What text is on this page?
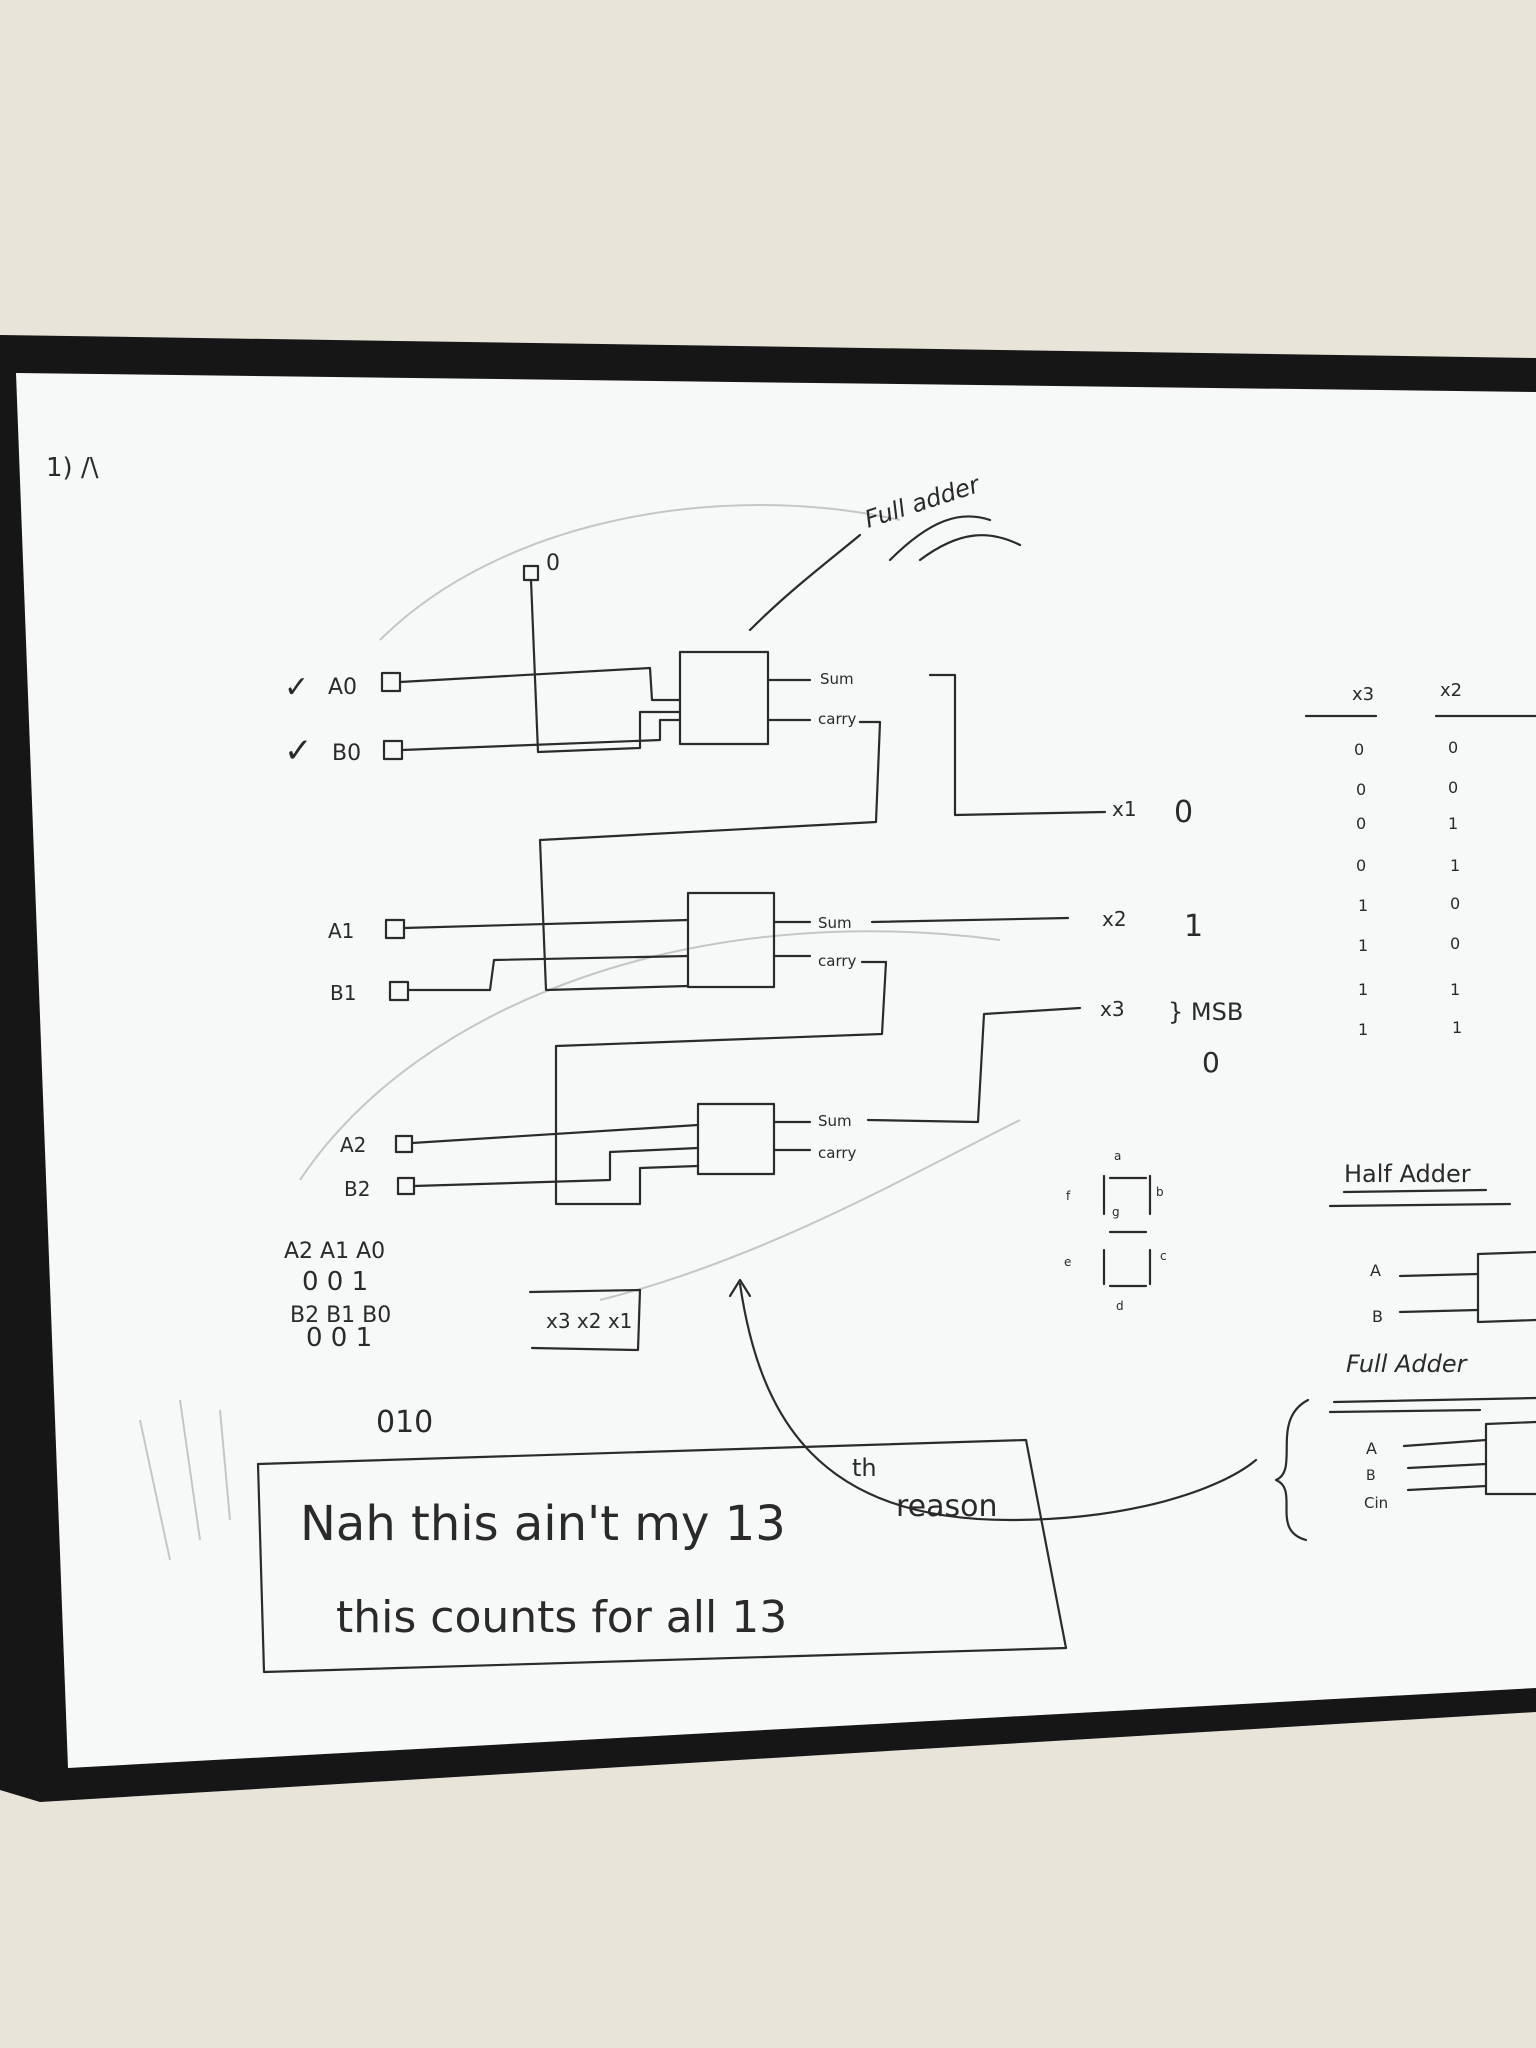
1) /\
Full adder
✓
✓
A0
B0
A1
B1
A2
B2
0
Sum
carry
Sum
carry
Sum
carry
x1 0
x2 1
x3 } MSB
0
A2 A1 A0
0 0 1
B2 B1 B0
0 0 1
010
x3 x2 x1
a
b
c
d
e
f
g
x3	x2
0	0
0	0
0	1
0	1
1	0
1	0
1	1
1	1
Half Adder
A
B
Full Adder
A
B
Cin
Nah this ain't my 13
th
reason
this counts for all 13
